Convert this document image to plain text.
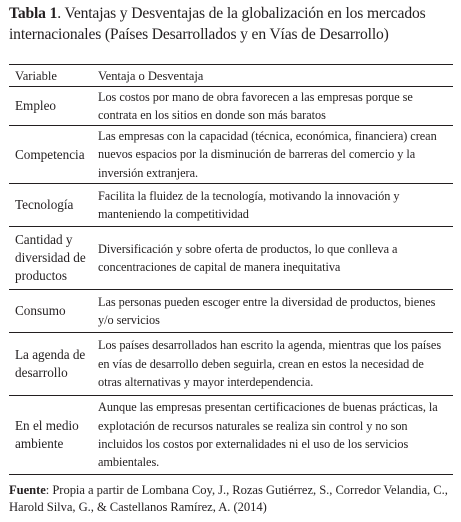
Tabla 1. Ventajas y Desventajas de la globalización en los mercados internacionales (Países Desarrollados y en Vías de Desarrollo)
Variable	Ventaja o Desventaja
Empleo
Los costos por mano de obra favorecen a las empresas porque se contrata en los sitios en donde son más baratos
Competencia
Las empresas con la capacidad (técnica, económica, financiera) crean nuevos espacios por la disminución de barreras del comercio y la inversión extranjera.
Tecnología
Facilita la fluidez de la tecnología, motivando la innovación y manteniendo la competitividad
Cantidad y diversidad de productos
Diversificación y sobre oferta de productos, lo que conlleva a concentraciones de capital de manera inequitativa
Consumo
Las personas pueden escoger entre la diversidad de productos, bienes y/o servicios
La agenda de desarrollo
Los países desarrollados han escrito la agenda, mientras que los países en vías de desarrollo deben seguirla, crean en estos la necesidad de otras alternativas y mayor interdependencia.
En el medio ambiente
Aunque las empresas presentan certificaciones de buenas prácticas, la explotación de recursos naturales se realiza sin control y no son incluidos los costos por externalidades ni el uso de los servicios ambientales.
Fuente: Propia a partir de Lombana Coy, J., Rozas Gutiérrez, S., Corredor Velandia, C., Harold Silva, G., & Castellanos Ramírez, A. (2014)
